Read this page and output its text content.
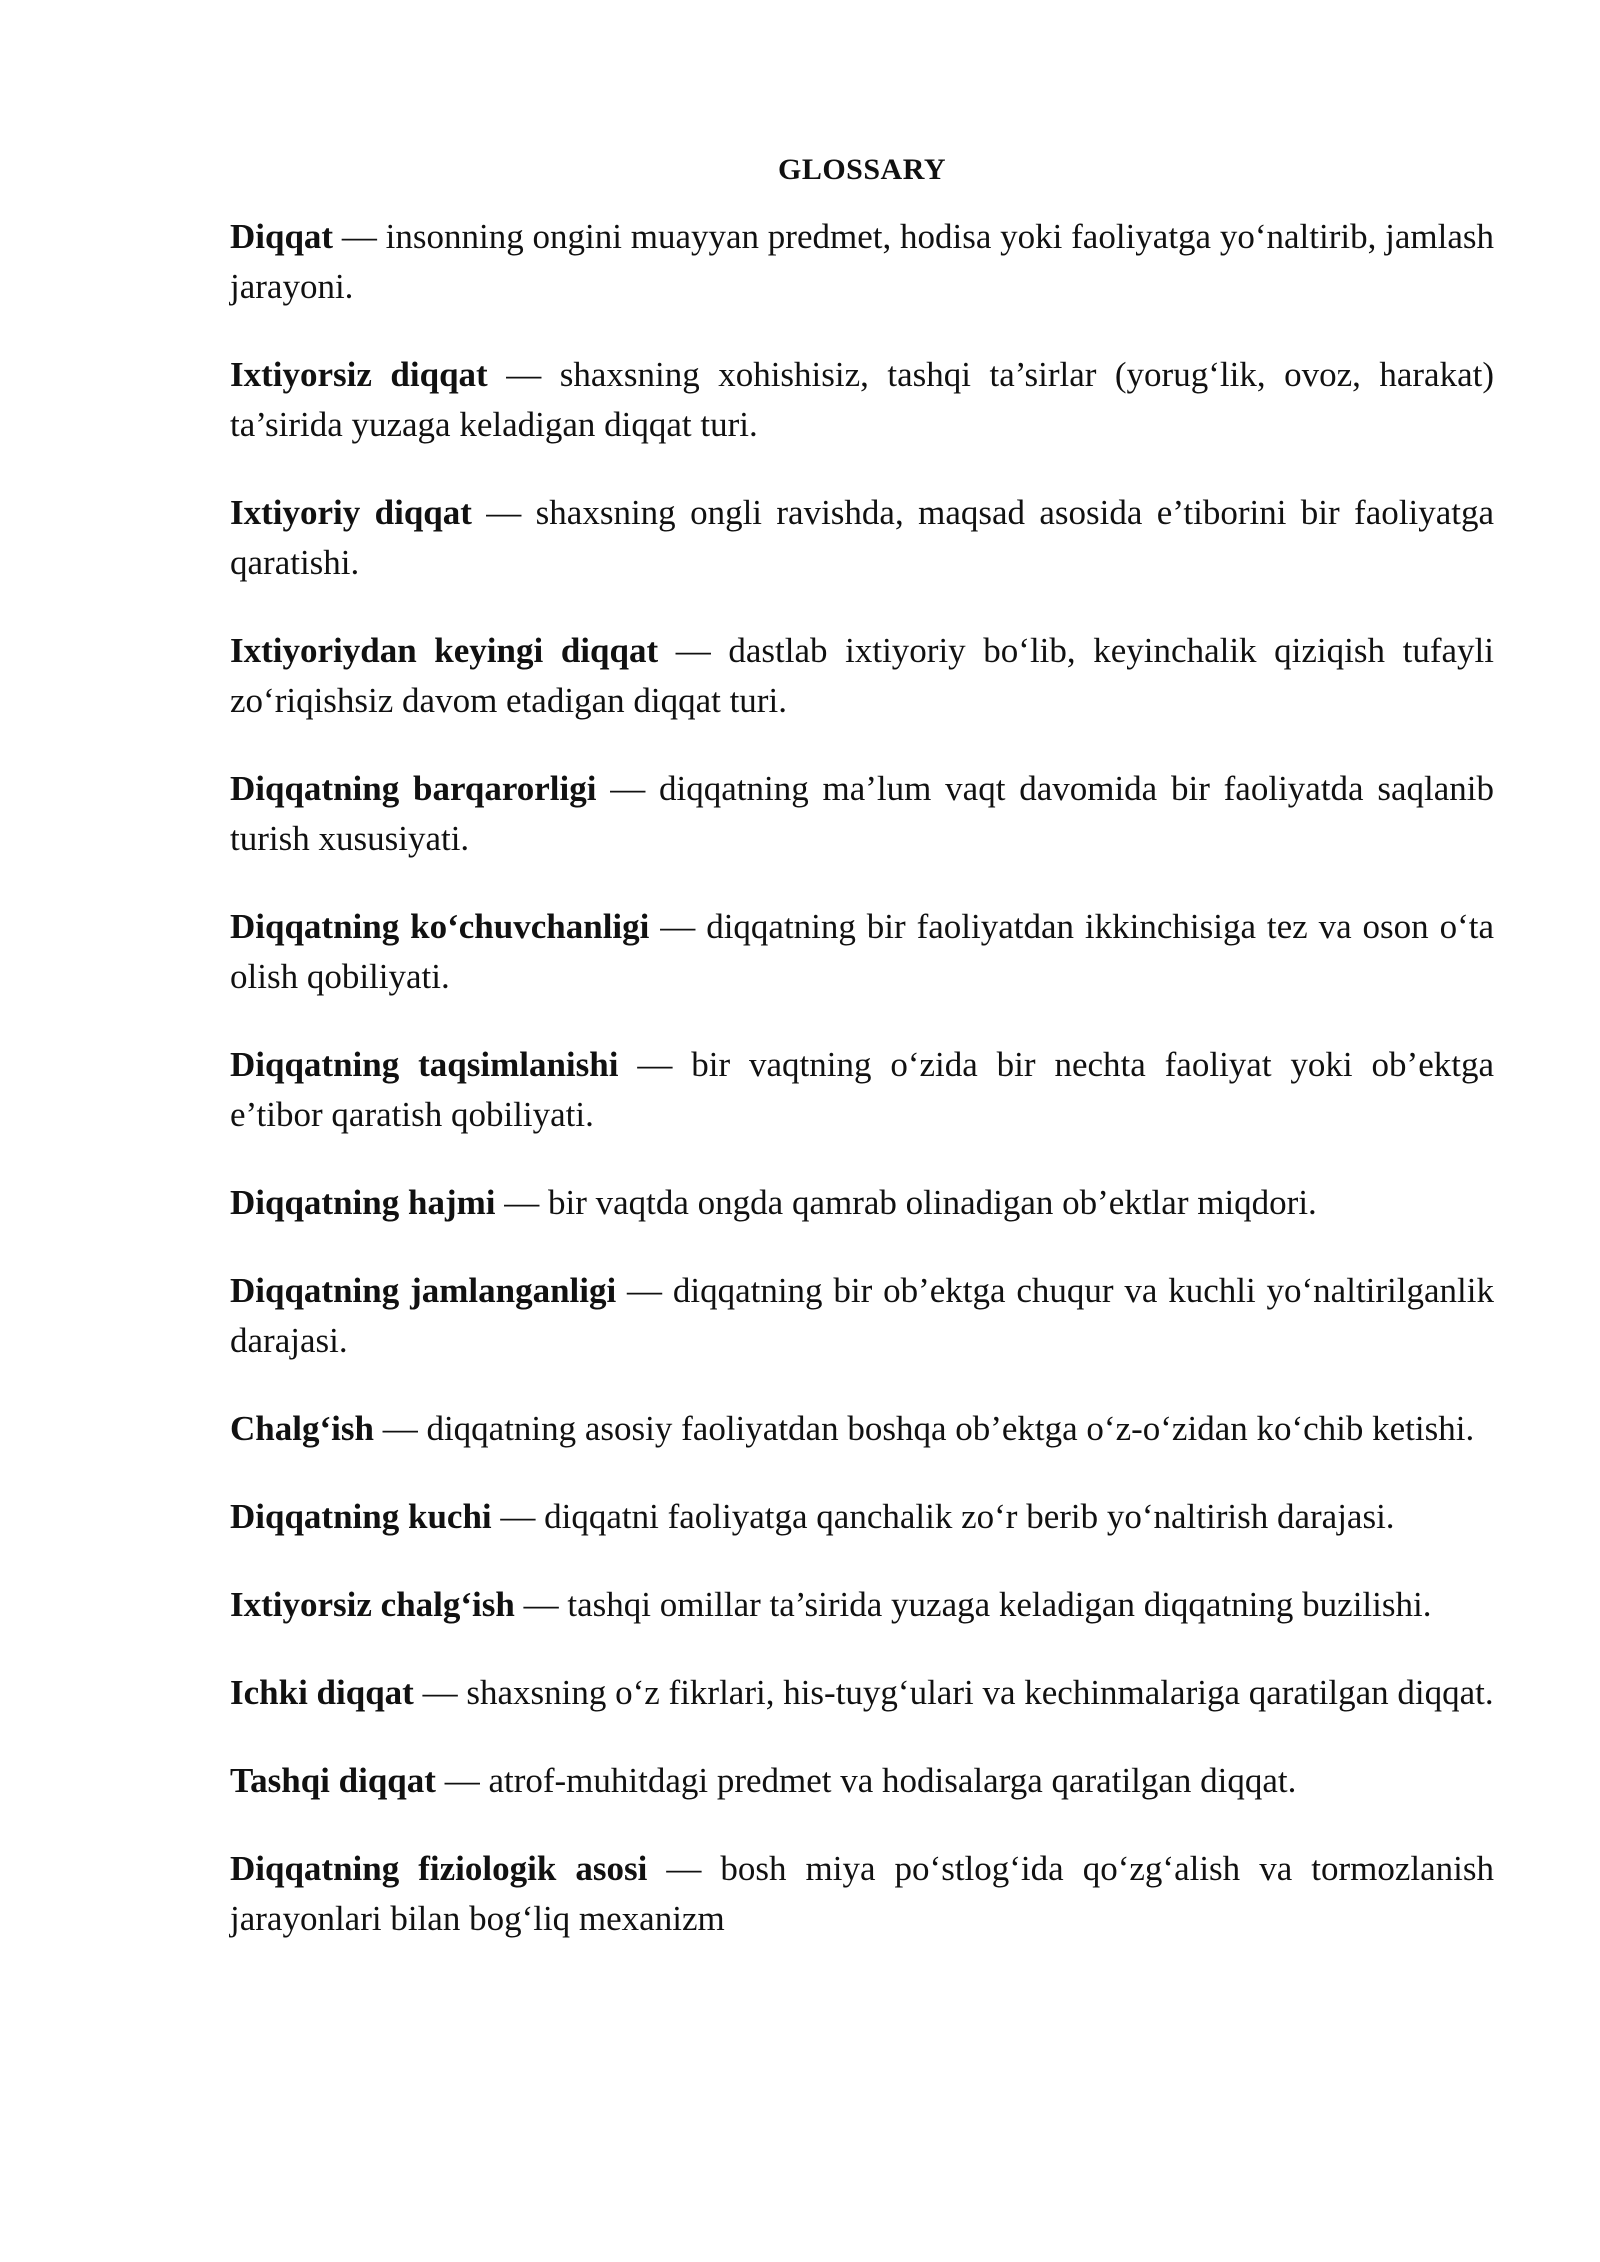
GLOSSARY

Diqqat — insonning ongini muayyan predmet, hodisa yoki faoliyatga yo‘naltirib, jamlash jarayoni.

Ixtiyorsiz diqqat — shaxsning xohishisiz, tashqi ta’sirlar (yorug‘lik, ovoz, harakat) ta’sirida yuzaga keladigan diqqat turi.

Ixtiyoriy diqqat — shaxsning ongli ravishda, maqsad asosida e’tiborini bir faoliyatga qaratishi.

Ixtiyoriydan keyingi diqqat — dastlab ixtiyoriy bo‘lib, keyinchalik qiziqish tufayli zo‘riqishsiz davom etadigan diqqat turi.

Diqqatning barqarorligi — diqqatning ma’lum vaqt davomida bir faoliyatda saqlanib turish xususiyati.

Diqqatning ko‘chuvchanligi — diqqatning bir faoliyatdan ikkinchisiga tez va oson o‘ta olish qobiliyati.

Diqqatning taqsimlanishi — bir vaqtning o‘zida bir nechta faoliyat yoki ob’ektga e’tibor qaratish qobiliyati.

Diqqatning hajmi — bir vaqtda ongda qamrab olinadigan ob’ektlar miqdori.

Diqqatning jamlanganligi — diqqatning bir ob’ektga chuqur va kuchli yo‘naltirilganlik darajasi.

Chalg‘ish — diqqatning asosiy faoliyatdan boshqa ob’ektga o‘z-o‘zidan ko‘chib ketishi.

Diqqatning kuchi — diqqatni faoliyatga qanchalik zo‘r berib yo‘naltirish darajasi.

Ixtiyorsiz chalg‘ish — tashqi omillar ta’sirida yuzaga keladigan diqqatning buzilishi.

Ichki diqqat — shaxsning o‘z fikrlari, his-tuyg‘ulari va kechinmalariga qaratilgan diqqat.

Tashqi diqqat — atrof-muhitdagi predmet va hodisalarga qaratilgan diqqat.

Diqqatning fiziologik asosi — bosh miya po‘stlog‘ida qo‘zg‘alish va tormozlanish jarayonlari bilan bog‘liq mexanizm
